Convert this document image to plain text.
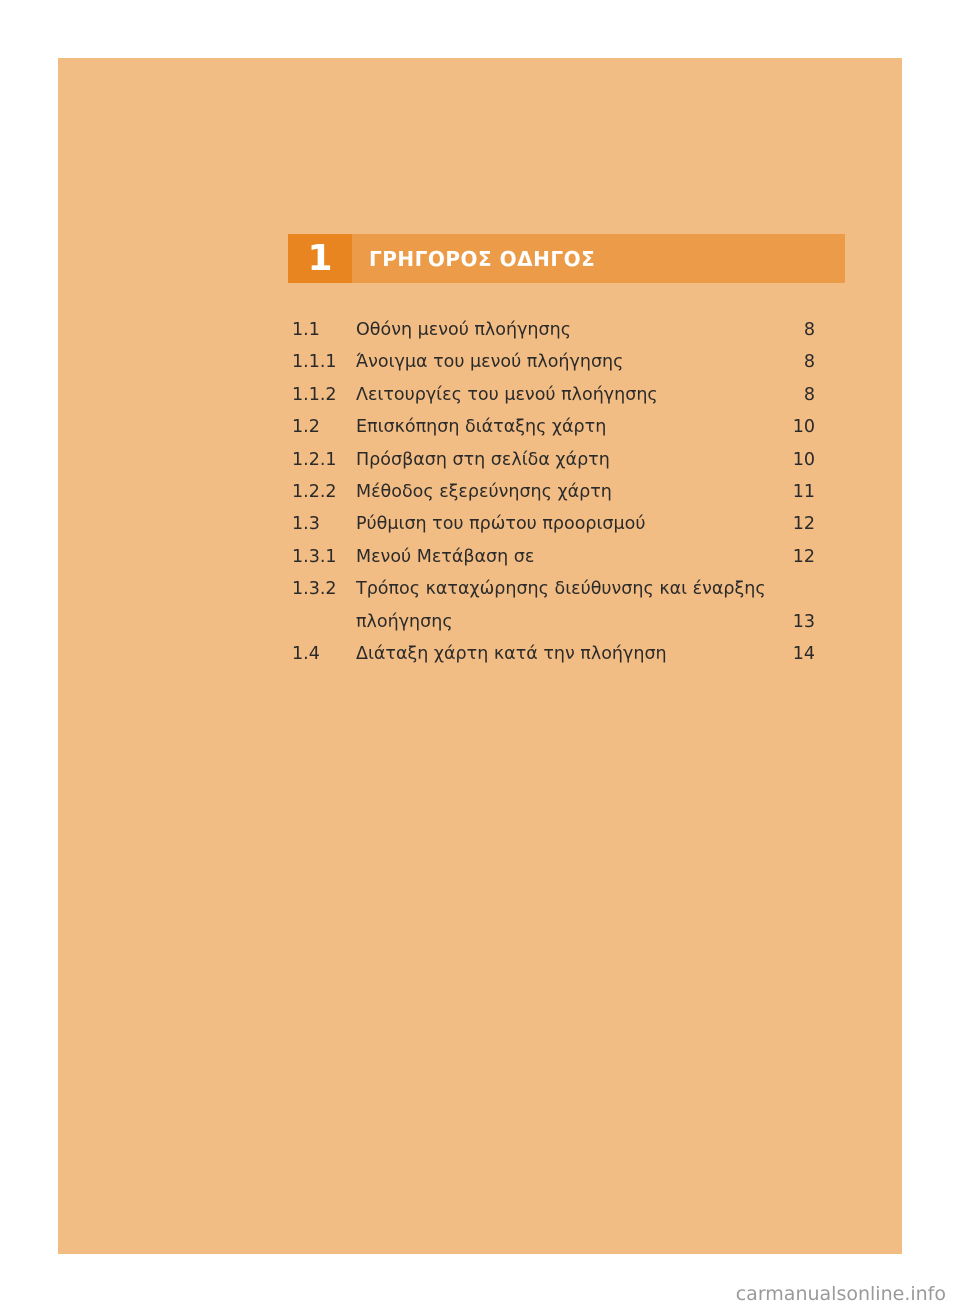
1	ΓΡΗΓΟΡΟΣ ΟΔΗΓΟΣ
1.1 Οθόνη μενού πλοήγησης	8
1.1.1 Άνοιγμα του μενού πλοήγησης	8
1.1.2 Λειτουργίες του μενού πλοήγησης	8
1.2 Επισκόπηση διάταξης χάρτη	10
1.2.1 Πρόσβαση στη σελίδα χάρτη	10
1.2.2 Μέθοδος εξερεύνησης χάρτη	11
1.3 Ρύθμιση του πρώτου προορισμού	12
1.3.1 Μενού Μετάβαση σε	12
1.3.2 Τρόπος καταχώρησης διεύθυνσης και έναρξης πλοήγησης	13
1.4 Διάταξη χάρτη κατά την πλοήγηση	14
carmanualsonline.info
